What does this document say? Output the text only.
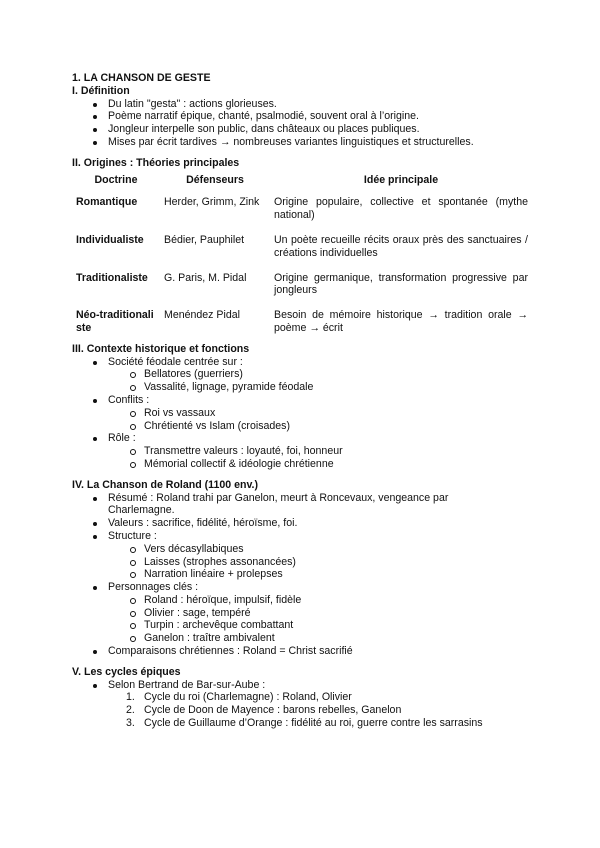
1. LA CHANSON DE GESTE
I. Définition
Du latin "gesta" : actions glorieuses.
Poème narratif épique, chanté, psalmodié, souvent oral à l’origine.
Jongleur interpelle son public, dans châteaux ou places publiques.
Mises par écrit tardives → nombreuses variantes linguistiques et structurelles.
II. Origines : Théories principales
Doctrine	Défenseurs	Idée principale
Romantique	Herder, Grimm, Zink	Origine populaire, collective et spontanée (mythe national)
Individualiste	Bédier, Pauphilet	Un poète recueille récits oraux près des sanctuaires / créations individuelles
Traditionaliste	G. Paris, M. Pidal	Origine germanique, transformation progressive par jongleurs
Néo-traditionaliste	Menéndez Pidal	Besoin de mémoire historique → tradition orale → poème → écrit
III. Contexte historique et fonctions
Société féodale centrée sur :
Bellatores (guerriers)
Vassalité, lignage, pyramide féodale
Conflits :
Roi vs vassaux
Chrétienté vs Islam (croisades)
Rôle :
Transmettre valeurs : loyauté, foi, honneur
Mémorial collectif & idéologie chrétienne
IV. La Chanson de Roland (1100 env.)
Résumé : Roland trahi par Ganelon, meurt à Roncevaux, vengeance par Charlemagne.
Valeurs : sacrifice, fidélité, héroïsme, foi.
Structure :
Vers décasyllabiques
Laisses (strophes assonancées)
Narration linéaire + prolepses
Personnages clés :
Roland : héroïque, impulsif, fidèle
Olivier : sage, tempéré
Turpin : archevêque combattant
Ganelon : traître ambivalent
Comparaisons chrétiennes : Roland = Christ sacrifié
V. Les cycles épiques
Selon Bertrand de Bar-sur-Aube :
1. Cycle du roi (Charlemagne) : Roland, Olivier
2. Cycle de Doon de Mayence : barons rebelles, Ganelon
3. Cycle de Guillaume d’Orange : fidélité au roi, guerre contre les sarrasins
